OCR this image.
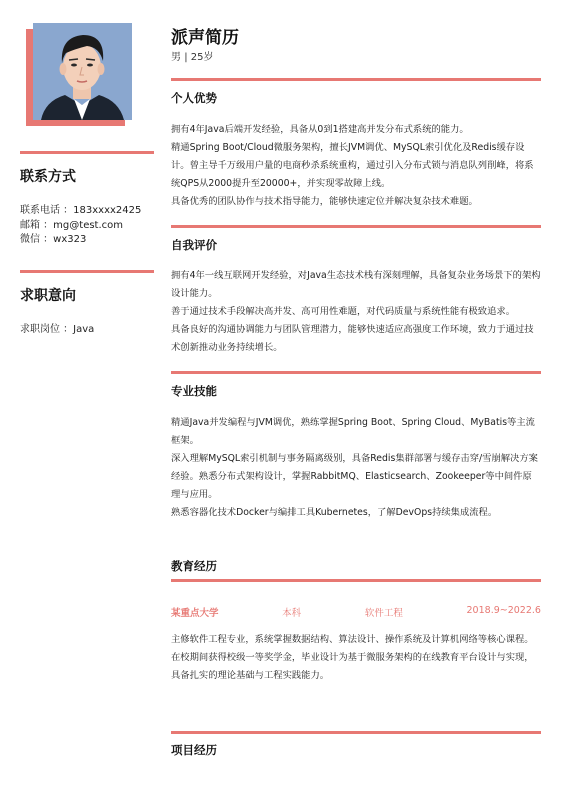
联系方式
联系电话 ：183xxxx2425
邮箱 ：mg@test.com
微信 ：wx323
求职意向
求职岗位 ：Java
派声简历
男 | 25岁
个人优势

拥有4年Java后端开发经验，具备从0到1搭建高并发分布式系统的能力。

精通Spring Boot/Cloud微服务架构，擅长JVM调优、MySQL索引优化及Redis缓存设计。曾主导千万级用户量的电商秒杀系统重构，通过引入分布式锁与消息队列削峰，将系统QPS从2000提升至20000+，并实现零故障上线。

具备优秀的团队协作与技术指导能力，能够快速定位并解决复杂技术难题。

自我评价

拥有4年一线互联网开发经验，对Java生态技术栈有深刻理解，具备复杂业务场景下的架构设计能力。

善于通过技术手段解决高并发、高可用性难题，对代码质量与系统性能有极致追求。

具备良好的沟通协调能力与团队管理潜力，能够快速适应高强度工作环境，致力于通过技术创新推动业务持续增长。

专业技能

精通Java并发编程与JVM调优，熟练掌握Spring Boot、Spring Cloud、MyBatis等主流框架。

深入理解MySQL索引机制与事务隔离级别，具备Redis集群部署与缓存击穿/雪崩解决方案经验。熟悉分布式架构设计，掌握RabbitMQ、Elasticsearch、Zookeeper等中间件原理与应用。

熟悉容器化技术Docker与编排工具Kubernetes，了解DevOps持续集成流程。

教育经历
某重点大学	本科	软件工程	2018.9~2022.6

主修软件工程专业，系统掌握数据结构、算法设计、操作系统及计算机网络等核心课程。

在校期间获得校级一等奖学金，毕业设计为基于微服务架构的在线教育平台设计与实现，具备扎实的理论基础与工程实践能力。

项目经历
